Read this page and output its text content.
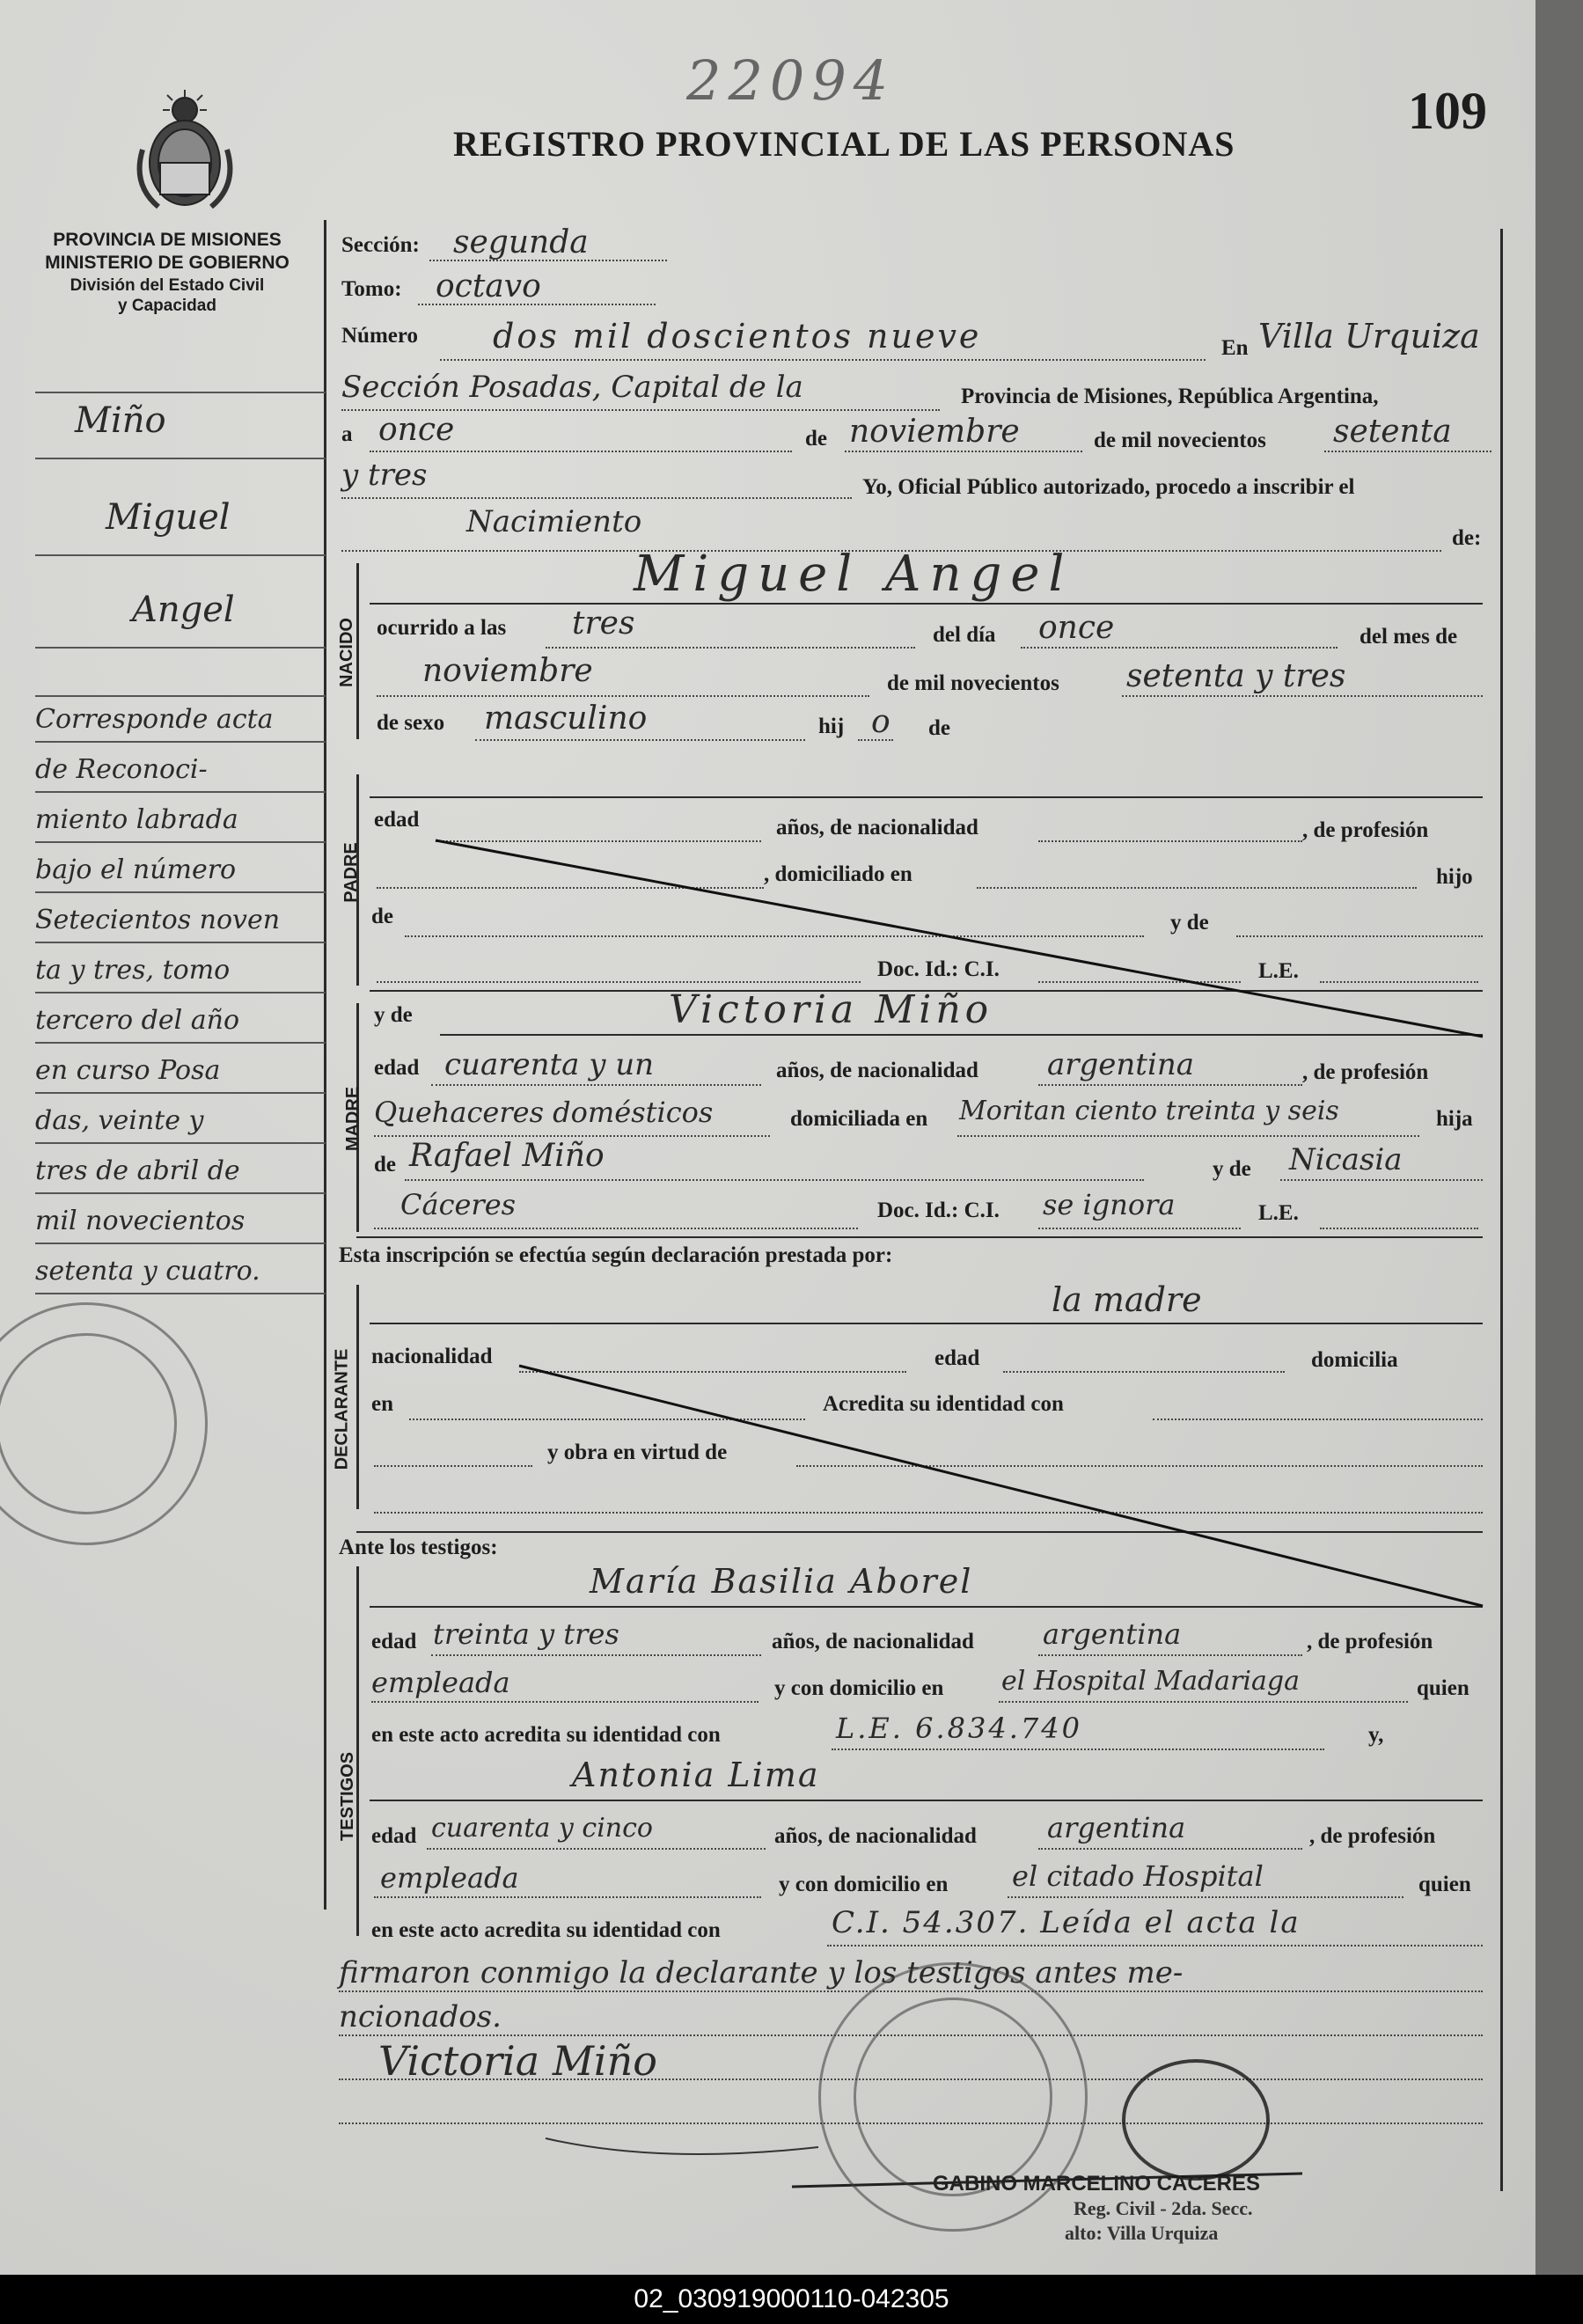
22094	109
REGISTRO PROVINCIAL DE LAS PERSONAS
PROVINCIA DE MISIONES
MINISTERIO DE GOBIERNO
División del Estado Civil
y Capacidad
Sección: segunda
Tomo: octavo
Número dos mil doscientos nueve	En Villa Urquiza
Sección Posadas, Capital de la	Provincia de Misiones, República Argentina,
a once	de noviembre	de mil novecientos setenta
y tres	Yo, Oficial Público autorizado, procedo a inscribir el
Nacimiento	de:
NACIDO
Miguel Angel
ocurrido a las tres	del día once	del mes de
noviembre	de mil novecientos setenta y tres
de sexo masculino	hij o de
PADRE
edad	años, de nacionalidad	, de profesión
, domiciliado en	hijo
de	y de
Doc. Id.: C.I.	L.E.
MADRE
y de	Victoria Miño
edad cuarenta y un	años, de nacionalidad argentina	, de profesión
Quehaceres domésticos	domiciliada en Moritan ciento treinta y seis	hija
de Rafael Miño	y de Nicasia
Cáceres	Doc. Id.: C.I. se ignora	L.E.
Esta inscripción se efectúa según declaración prestada por:
DECLARANTE
la madre
nacionalidad	edad	domicilia
en	Acredita su identidad con
y obra en virtud de
Ante los testigos:
TESTIGOS
María Basilia Aborel
edad treinta y tres	años, de nacionalidad argentina	, de profesión
empleada	y con domicilio en el Hospital Madariaga	quien
en este acto acredita su identidad con	L.E. 6.834.740	y,
Antonia Lima
edad cuarenta y cinco	años, de nacionalidad	argentina	, de profesión
empleada	y con domicilio en el citado Hospital	quien
en este acto acredita su identidad con	C.I. 54.307. Leída el acta la
firmaron conmigo la declarante y los testigos antes me-
ncionados.
Miño
Miguel
Angel
Corresponde acta
de Reconoci-
miento labrada
bajo el número
Setecientos noven
ta y tres, tomo
tercero del año
en curso Posa
das, veinte y
tres de abril de
mil novecientos
setenta y cuatro.
Victoria Miño
GABINO MARCELINO CACERES
Reg. Civil - 2da. Secc.
alto: Villa Urquiza
02_030919000110-042305
